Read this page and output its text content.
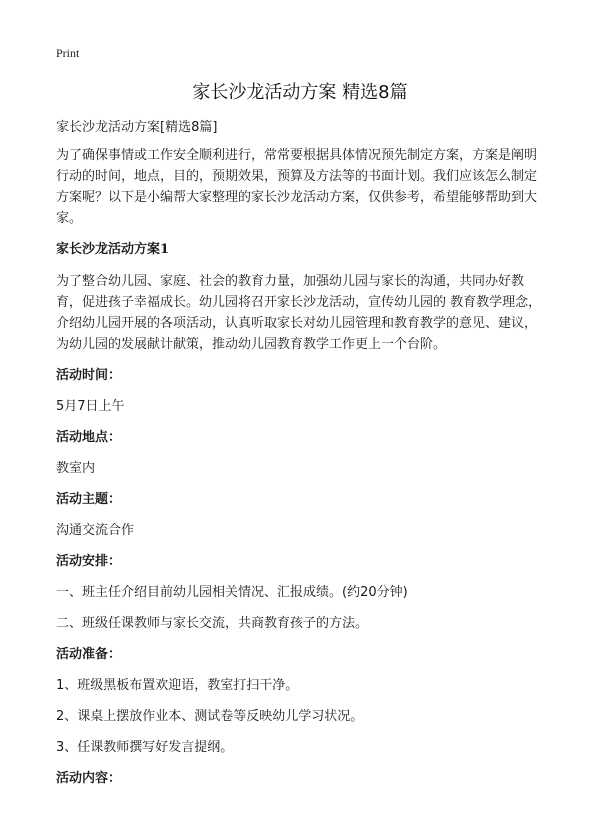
Print
家长沙龙活动方案 精选8篇

家长沙龙活动方案[精选8篇]

为了确保事情或工作安全顺利进行，常常要根据具体情况预先制定方案，方案是阐明行动的时间，地点，目的，预期效果，预算及方法等的书面计划。我们应该怎么制定方案呢？以下是小编帮大家整理的家长沙龙活动方案，仅供参考，希望能够帮助到大家。

家长沙龙活动方案1

为了整合幼儿园、家庭、社会的教育力量，加强幼儿园与家长的沟通，共同办好教育，促进孩子幸福成长。幼儿园将召开家长沙龙活动，宣传幼儿园的 教育教学理念，介绍幼儿园开展的各项活动，认真听取家长对幼儿园管理和教育教学的意见、建议，为幼儿园的发展献计献策，推动幼儿园教育教学工作更上一个台阶。

活动时间：

5月7日上午

活动地点：

教室内

活动主题：

沟通交流合作

活动安排：

一、班主任介绍目前幼儿园相关情况、汇报成绩。(约20分钟)

二、班级任课教师与家长交流，共商教育孩子的方法。

活动准备：

1、班级黑板布置欢迎语，教室打扫干净。

2、课桌上摆放作业本、测试卷等反映幼儿学习状况。

3、任课教师撰写好发言提纲。

活动内容：
